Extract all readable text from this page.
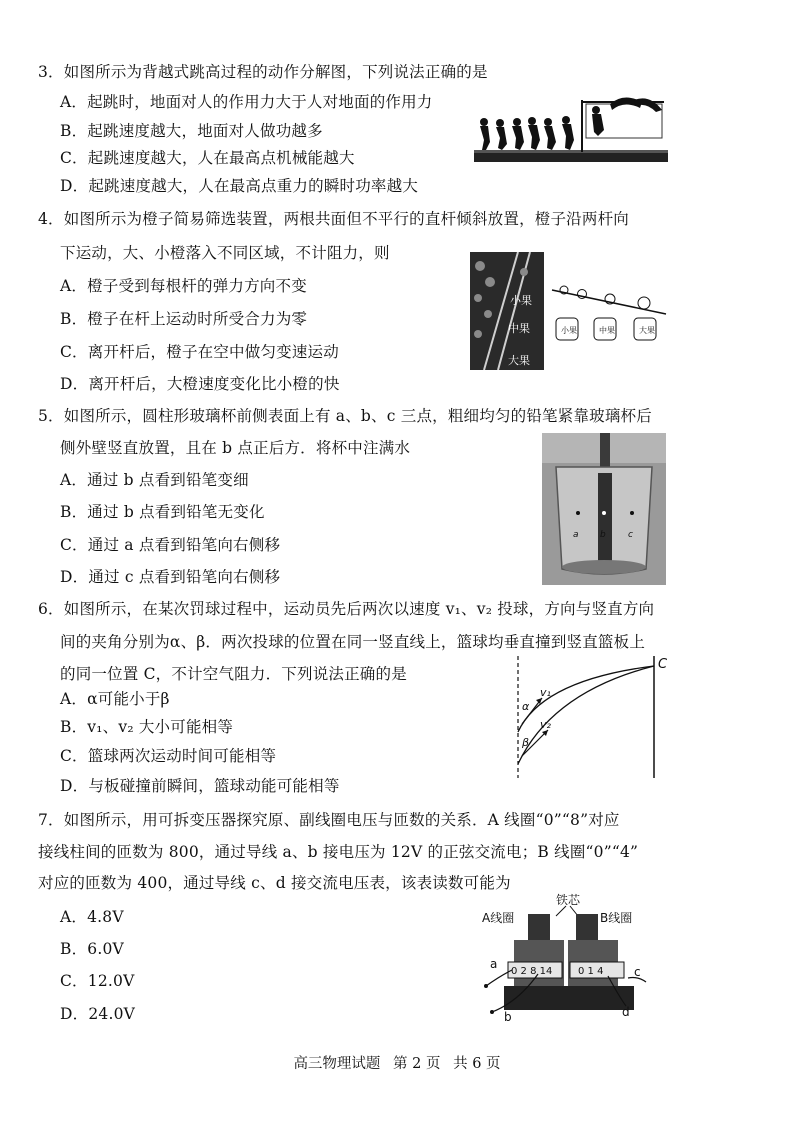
3．如图所示为背越式跳高过程的动作分解图，下列说法正确的是
A．起跳时，地面对人的作用力大于人对地面的作用力
B．起跳速度越大，地面对人做功越多
C．起跳速度越大，人在最高点机械能越大
D．起跳速度越大，人在最高点重力的瞬时功率越大
4．如图所示为橙子简易筛选装置，两根共面但不平行的直杆倾斜放置，橙子沿两杆向
下运动，大、小橙落入不同区域，不计阻力，则
A．橙子受到每根杆的弹力方向不变
B．橙子在杆上运动时所受合力为零
C．离开杆后，橙子在空中做匀变速运动
D．离开杆后，大橙速度变化比小橙的快
小果
中果
大果
小果	中果	大果
5．如图所示，圆柱形玻璃杯前侧表面上有 a、b、c 三点，粗细均匀的铅笔紧靠玻璃杯后
侧外壁竖直放置，且在 b 点正后方．将杯中注满水
A．通过 b 点看到铅笔变细
B．通过 b 点看到铅笔无变化
C．通过 a 点看到铅笔向右侧移
D．通过 c 点看到铅笔向右侧移
a b c
6．如图所示，在某次罚球过程中，运动员先后两次以速度 v₁、v₂ 投球，方向与竖直方向
间的夹角分别为α、β．两次投球的位置在同一竖直线上，篮球均垂直撞到竖直篮板上
的同一位置 C，不计空气阻力．下列说法正确的是
A．α可能小于β
B．v₁、v₂ 大小可能相等
C．篮球两次运动时间可能相等
D．与板碰撞前瞬间，篮球动能可能相等
C
v₁
v₂
α
β
7．如图所示，用可拆变压器探究原、副线圈电压与匝数的关系．A 线圈“0”“8”对应
接线柱间的匝数为 800，通过导线 a、b 接电压为 12V 的正弦交流电；B 线圈“0”“4”
对应的匝数为 400，通过导线 c、d 接交流电压表，该表读数可能为
A．4.8V
B．6.0V
C．12.0V
D．24.0V
铁芯
A线圈	B线圈
0 2 8 14	0 1 4
a
b
c
d
高三物理试题 第 2 页 共 6 页
